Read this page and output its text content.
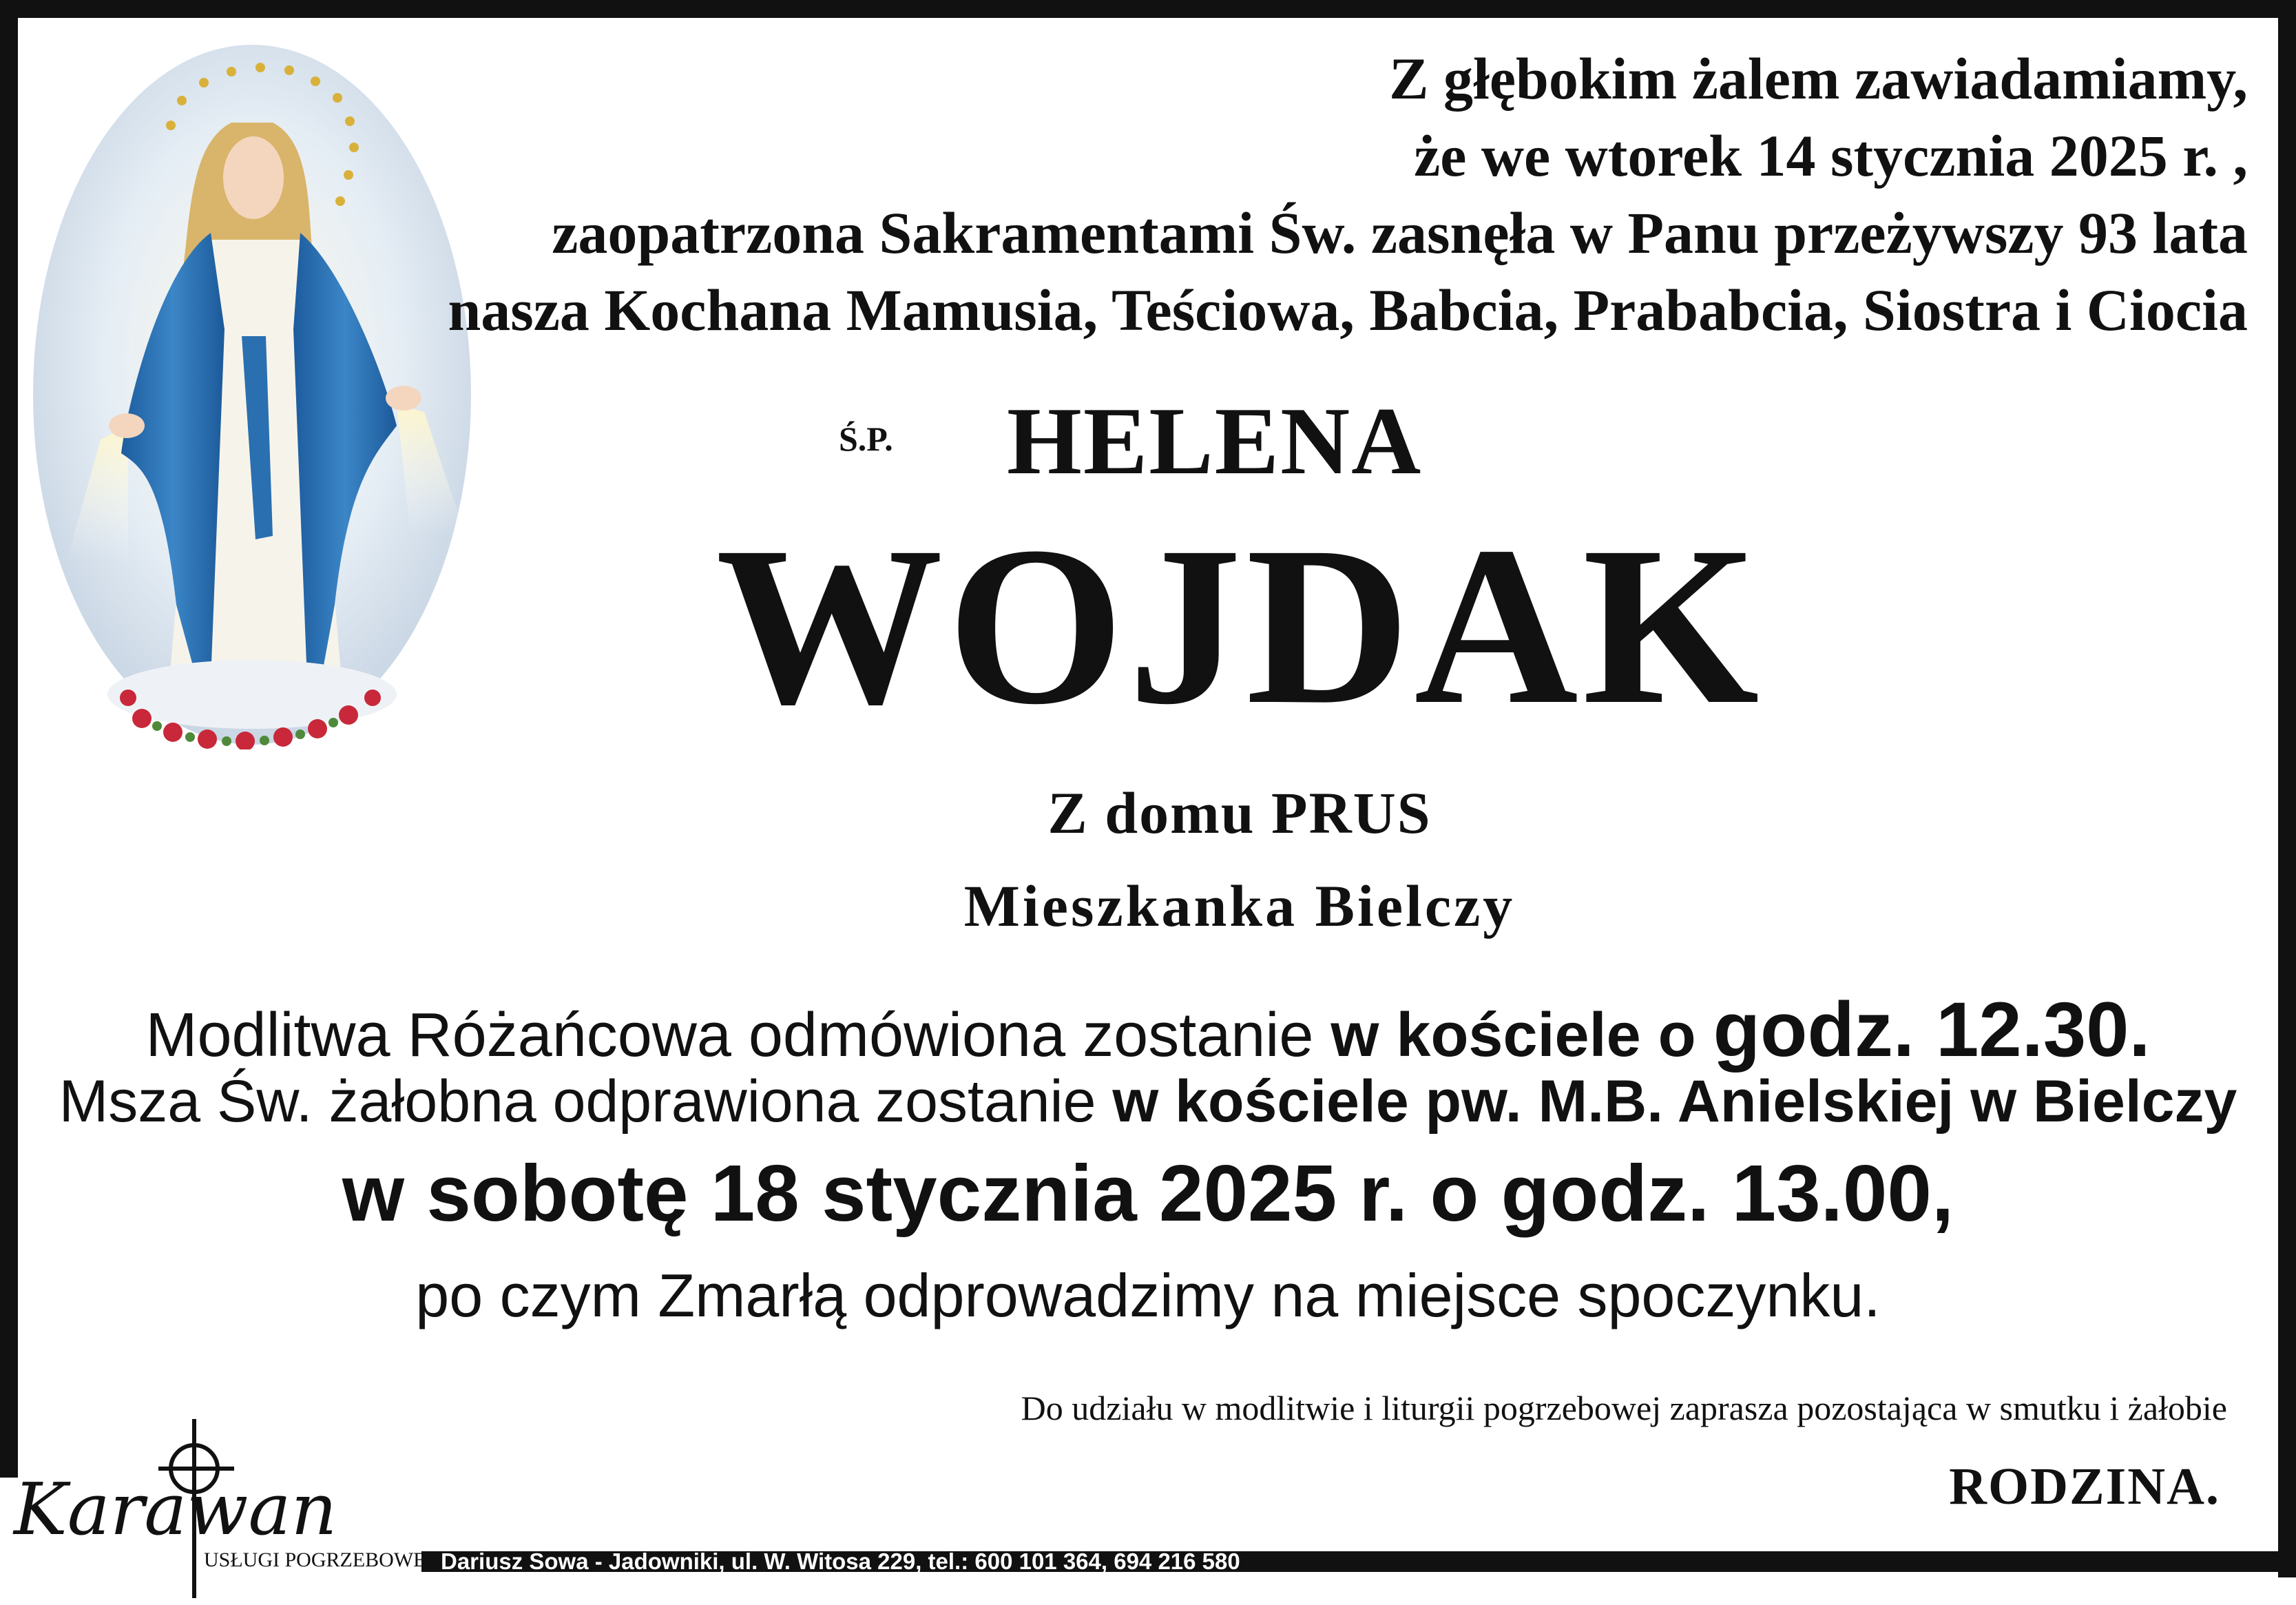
Z głębokim żalem zawiadamiamy,
że we wtorek 14 stycznia 2025 r. ,
zaopatrzona Sakramentami Św. zasnęła w Panu przeżywszy 93 lata
nasza Kochana Mamusia, Teściowa, Babcia, Prababcia, Siostra i Ciocia
Ś.P. HELENA
WOJDAK
Z domu PRUS
Mieszkanka Bielczy
Modlitwa Różańcowa odmówiona zostanie w kościele o godz. 12.30.
Msza Św. żałobna odprawiona zostanie w kościele pw. M.B. Anielskiej w Bielczy
w sobotę 18 stycznia 2025 r. o godz. 13.00,
po czym Zmarłą odprowadzimy na miejsce spoczynku.
Do udziału w modlitwie i liturgii pogrzebowej zaprasza pozostająca w smutku i żałobie
RODZINA.
Karawan
USŁUGI POGRZEBOWE Dariusz Sowa - Jadowniki, ul. W. Witosa 229, tel.: 600 101 364, 694 216 580
